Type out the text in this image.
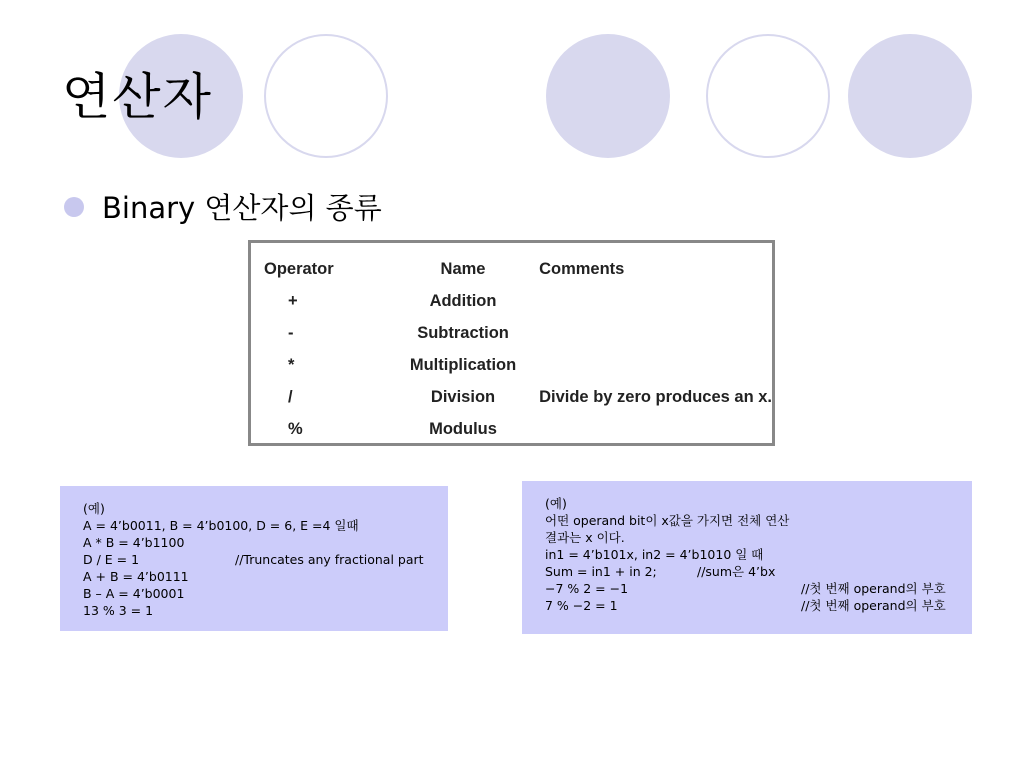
연산자
Binary 연산자의 종류
Operator	Name	Comments
+	Addition	
-	Subtraction	
*	Multiplication	
/	Division	Divide by zero produces an x.
%	Modulus	
(예)
A = 4’b0011, B = 4’b0100, D = 6, E =4 일때
A * B = 4’b1100
D / E = 1	//Truncates any fractional part
A + B = 4’b0111
B – A = 4’b0001
13 % 3 = 1
(예)
어떤 operand bit이 x값을 가지면 전체 연산
결과는 x 이다.
in1 = 4’b101x, in2 = 4’b1010 일 때
Sum = in1 + in 2;	//sum은 4’bx
−7 % 2 = −1	//첫 번째 operand의 부호
7 % −2 = 1	//첫 번째 operand의 부호
